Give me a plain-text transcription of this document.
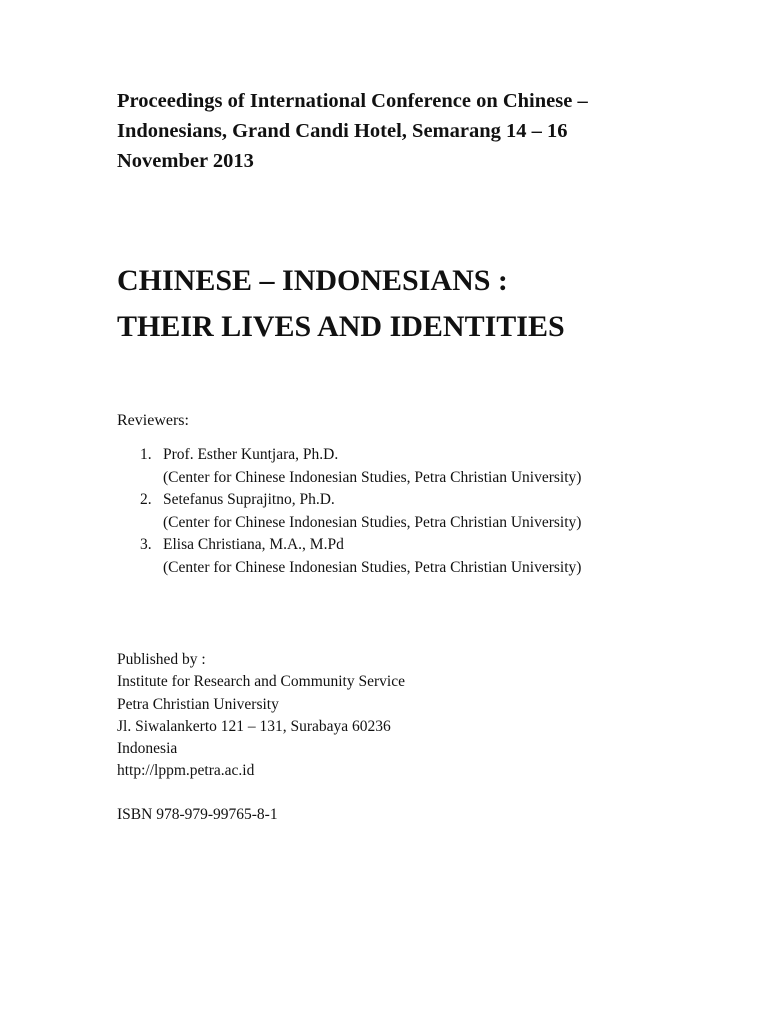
Proceedings of International Conference on Chinese –
Indonesians, Grand Candi Hotel, Semarang 14 – 16
November 2013
CHINESE – INDONESIANS :
THEIR LIVES AND IDENTITIES
Reviewers:
1. Prof. Esther Kuntjara, Ph.D.
(Center for Chinese Indonesian Studies, Petra Christian University)
2. Setefanus Suprajitno, Ph.D.
(Center for Chinese Indonesian Studies, Petra Christian University)
3. Elisa Christiana, M.A., M.Pd
(Center for Chinese Indonesian Studies, Petra Christian University)
Published by :
Institute for Research and Community Service
Petra Christian University
Jl. Siwalankerto 121 – 131, Surabaya 60236
Indonesia
http://lppm.petra.ac.id
ISBN 978-979-99765-8-1
